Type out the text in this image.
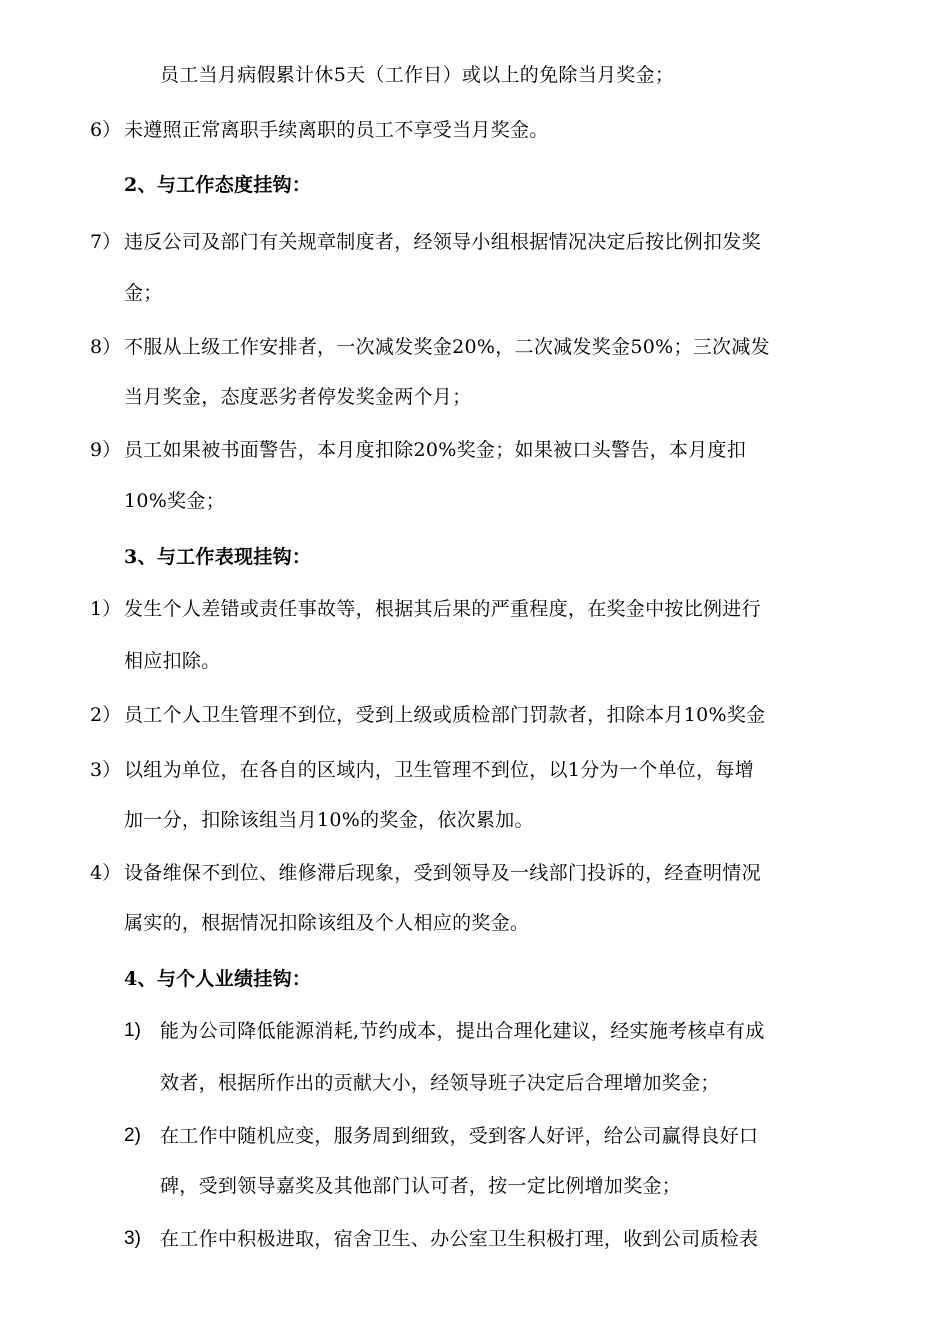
员工当月病假累计休5天（工作日）或以上的免除当月奖金；
6） 未遵照正常离职手续离职的员工不享受当月奖金。
2、与工作态度挂钩：
7） 违反公司及部门有关规章制度者，经领导小组根据情况决定后按比例扣发奖
金；
8） 不服从上级工作安排者，一次减发奖金20%，二次减发奖金50%；三次减发
当月奖金，态度恶劣者停发奖金两个月；
9） 员工如果被书面警告，本月度扣除20%奖金；如果被口头警告，本月度扣
10%奖金；
3、与工作表现挂钩：
1） 发生个人差错或责任事故等，根据其后果的严重程度，在奖金中按比例进行
相应扣除。
2） 员工个人卫生管理不到位，受到上级或质检部门罚款者，扣除本月10%奖金
3） 以组为单位，在各自的区域内，卫生管理不到位，以1分为一个单位，每增
加一分，扣除该组当月10%的奖金，依次累加。
4） 设备维保不到位、维修滞后现象，受到领导及一线部门投诉的，经查明情况
属实的，根据情况扣除该组及个人相应的奖金。
4、与个人业绩挂钩：
1) 能为公司降低能源消耗,节约成本，提出合理化建议，经实施考核卓有成
效者，根据所作出的贡献大小，经领导班子决定后合理增加奖金；
2) 在工作中随机应变，服务周到细致，受到客人好评，给公司赢得良好口
碑，受到领导嘉奖及其他部门认可者，按一定比例增加奖金；
3) 在工作中积极进取，宿舍卫生、办公室卫生积极打理，收到公司质检表
